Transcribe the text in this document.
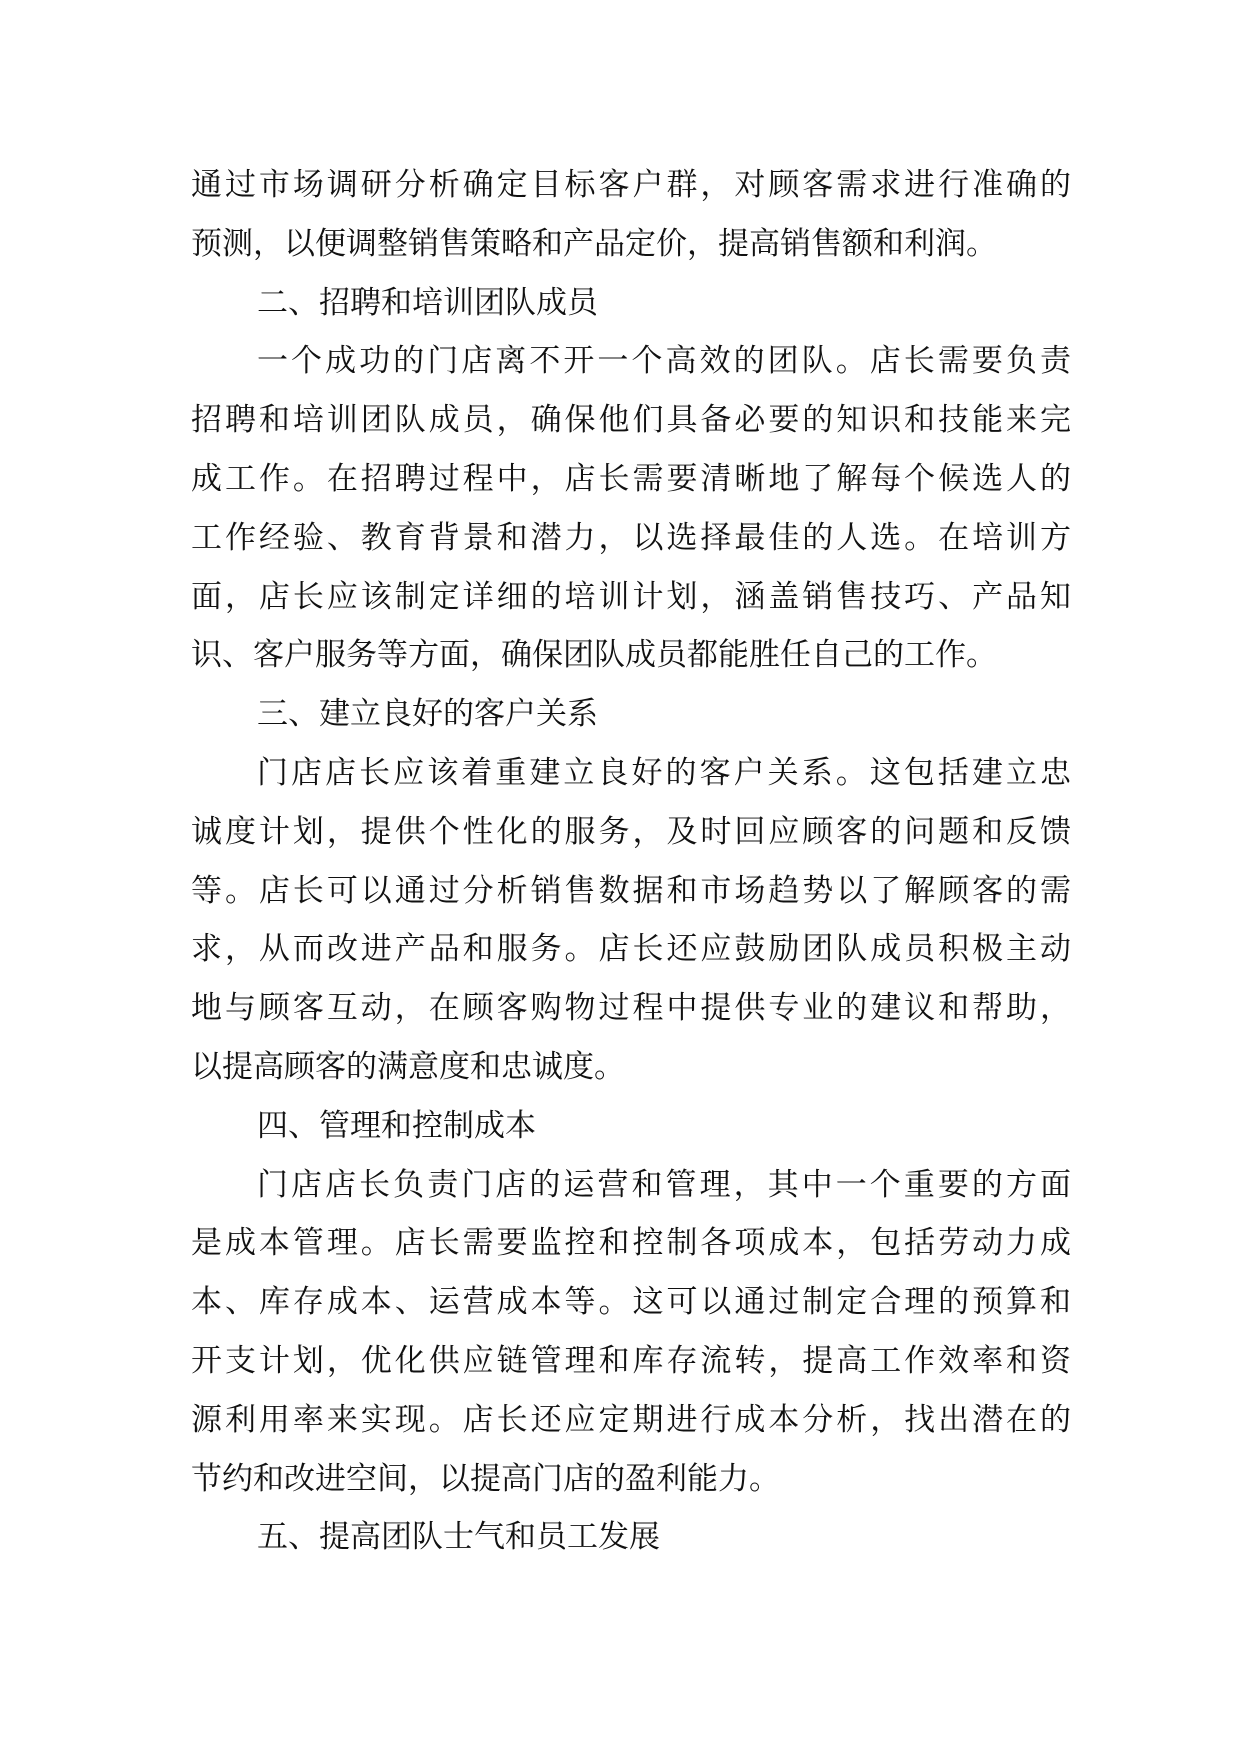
通过市场调研分析确定目标客户群，对顾客需求进行准确的
预测，以便调整销售策略和产品定价，提高销售额和利润。
二、招聘和培训团队成员
一个成功的门店离不开一个高效的团队。店长需要负责
招聘和培训团队成员，确保他们具备必要的知识和技能来完
成工作。在招聘过程中，店长需要清晰地了解每个候选人的
工作经验、教育背景和潜力，以选择最佳的人选。在培训方
面，店长应该制定详细的培训计划，涵盖销售技巧、产品知
识、客户服务等方面，确保团队成员都能胜任自己的工作。
三、建立良好的客户关系
门店店长应该着重建立良好的客户关系。这包括建立忠
诚度计划，提供个性化的服务，及时回应顾客的问题和反馈
等。店长可以通过分析销售数据和市场趋势以了解顾客的需
求，从而改进产品和服务。店长还应鼓励团队成员积极主动
地与顾客互动，在顾客购物过程中提供专业的建议和帮助，
以提高顾客的满意度和忠诚度。
四、管理和控制成本
门店店长负责门店的运营和管理，其中一个重要的方面
是成本管理。店长需要监控和控制各项成本，包括劳动力成
本、库存成本、运营成本等。这可以通过制定合理的预算和
开支计划，优化供应链管理和库存流转，提高工作效率和资
源利用率来实现。店长还应定期进行成本分析，找出潜在的
节约和改进空间，以提高门店的盈利能力。
五、提高团队士气和员工发展
